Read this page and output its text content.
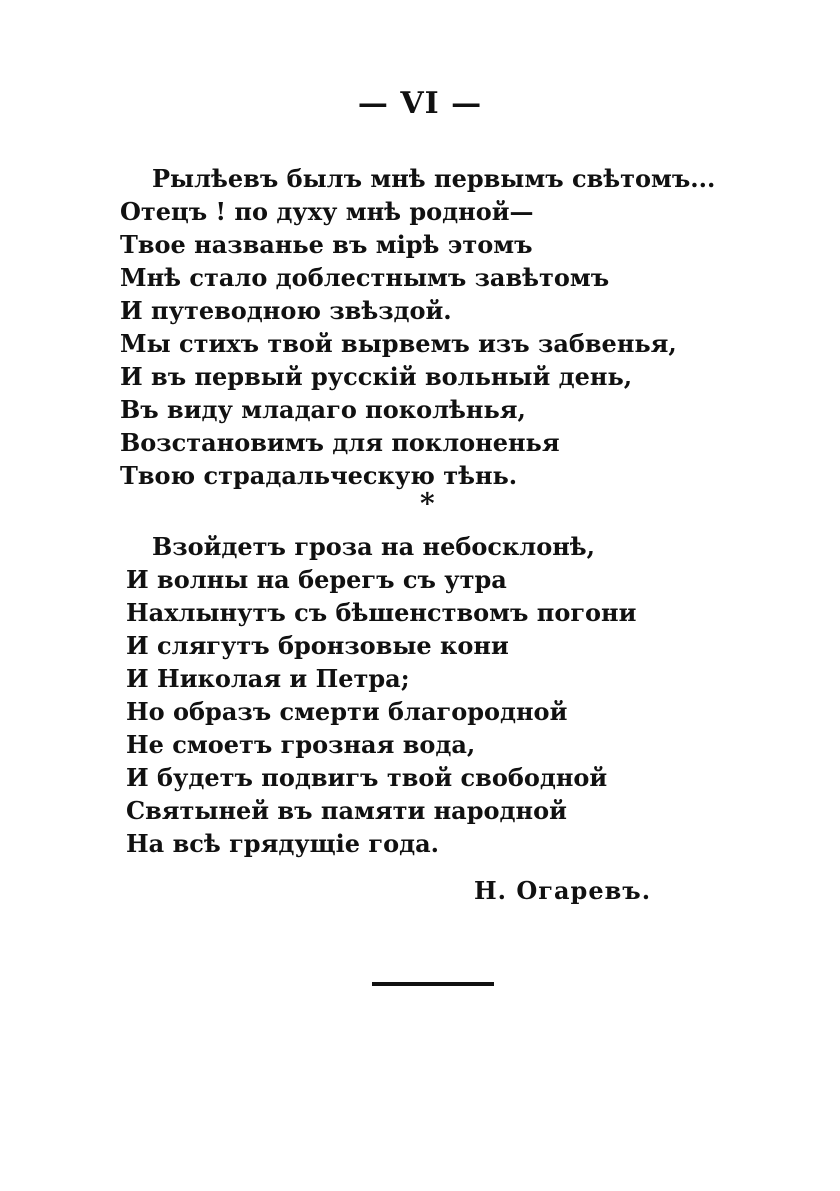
— VI —
Рылѣевъ былъ мнѣ первымъ свѣтомъ...
Отецъ ! по духу мнѣ родной—
Твое названье въ мірѣ этомъ
Мнѣ стало доблестнымъ завѣтомъ
И путеводною звѣздой.
Мы стихъ твой вырвемъ изъ забвенья,
И въ первый русскій вольный день,
Въ виду младаго поколѣнья,
Возстановимъ для поклоненья
Твою страдальческую тѣнь.
*
Взойдетъ гроза на небосклонѣ,
И волны на берегъ съ утра
Нахлынутъ съ бѣшенствомъ погони
И слягутъ бронзовые кони
И Николая и Петра;
Но образъ смерти благородной
Не смоетъ грозная вода,
И будетъ подвигъ твой свободной
Святыней въ памяти народной
На всѣ грядущіе года.
Н. Огаревъ.
